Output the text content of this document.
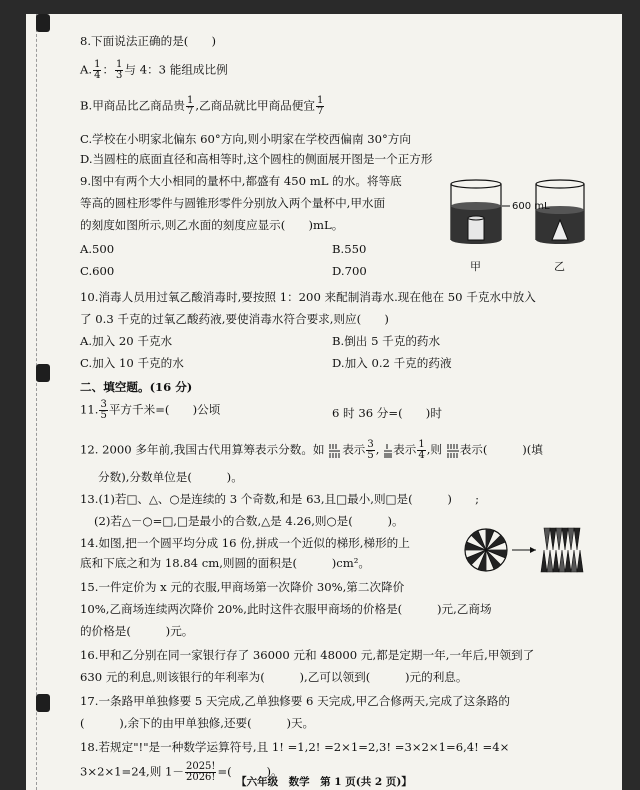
8.下面说法正确的是(　　)
A. $\frac{1}{4}$ ： $\frac{1}{3}$ 与 4：3 能组成比例
B.甲商品比乙商品贵 $\frac{1}{7}$ ,乙商品就比甲商品便宜 $\frac{1}{7}$
C.学校在小明家北偏东 60°方向,则小明家在学校西偏南 30°方向
D.当圆柱的底面直径和高相等时,这个圆柱的侧面展开图是一个正方形
9.图中有两个大小相同的量杯中,都盛有 450 mL 的水。将等底
等高的圆柱形零件与圆锥形零件分别放入两个量杯中,甲水面
的刻度如图所示,则乙水面的刻度应显示(　　)mL。
A.500	B.550
C.600	D.700
600 mL
甲	乙
10.消毒人员用过氧乙酸消毒时,要按照 1：200 来配制消毒水.现在他在 50 千克水中放入
了 0.3 千克的过氧乙酸药液,要使消毒水符合要求,则应(　　)
A.加入 20 千克水	B.倒出 5 千克的药水
C.加入 10 千克的水	D.加入 0.2 千克的药液
二、填空题。(16 分)
11. $\frac{3}{5}$ 平方千米=(　　)公顷	6 时 36 分=(　　)时
12. 2000 多年前,我国古代用算筹表示分数。如 表示 $\frac{3}{5}$ , 表示 $\frac{1}{4}$ ,则 表示(　　　)(填
分数),分数单位是(　　　)。
13.(1)若□、△、○是连续的 3 个奇数,和是 63,且□最小,则□是(　　　)　　;
(2)若△－○=□,□是最小的合数,△是 4.26,则○是(　　　)。
14.如图,把一个圆平均分成 16 份,拼成一个近似的梯形,梯形的上
底和下底之和为 18.84 cm,则圆的面积是(　　　)cm²。
15.一件定价为 x 元的衣服,甲商场第一次降价 30%,第二次降价
10%,乙商场连续两次降价 20%,此时这件衣服甲商场的价格是(　　　)元,乙商场
的价格是(　　　)元。
16.甲和乙分别在同一家银行存了 36000 元和 48000 元,都是定期一年,一年后,甲领到了
630 元的利息,则该银行的年利率为(　　　),乙可以领到(　　　)元的利息。
17.一条路甲单独修要 5 天完成,乙单独修要 6 天完成,甲乙合修两天,完成了这条路的
(　　　),余下的由甲单独修,还要(　　　)天。
18.若规定"!"是一种数学运算符号,且 1! =1,2! =2×1=2,3! =3×2×1=6,4! =4×
3×2×1=24,则 $1- \frac{2025!}{2026!}$ =(　　　)。
【六年级　数学　第 1 页(共 2 页)】
